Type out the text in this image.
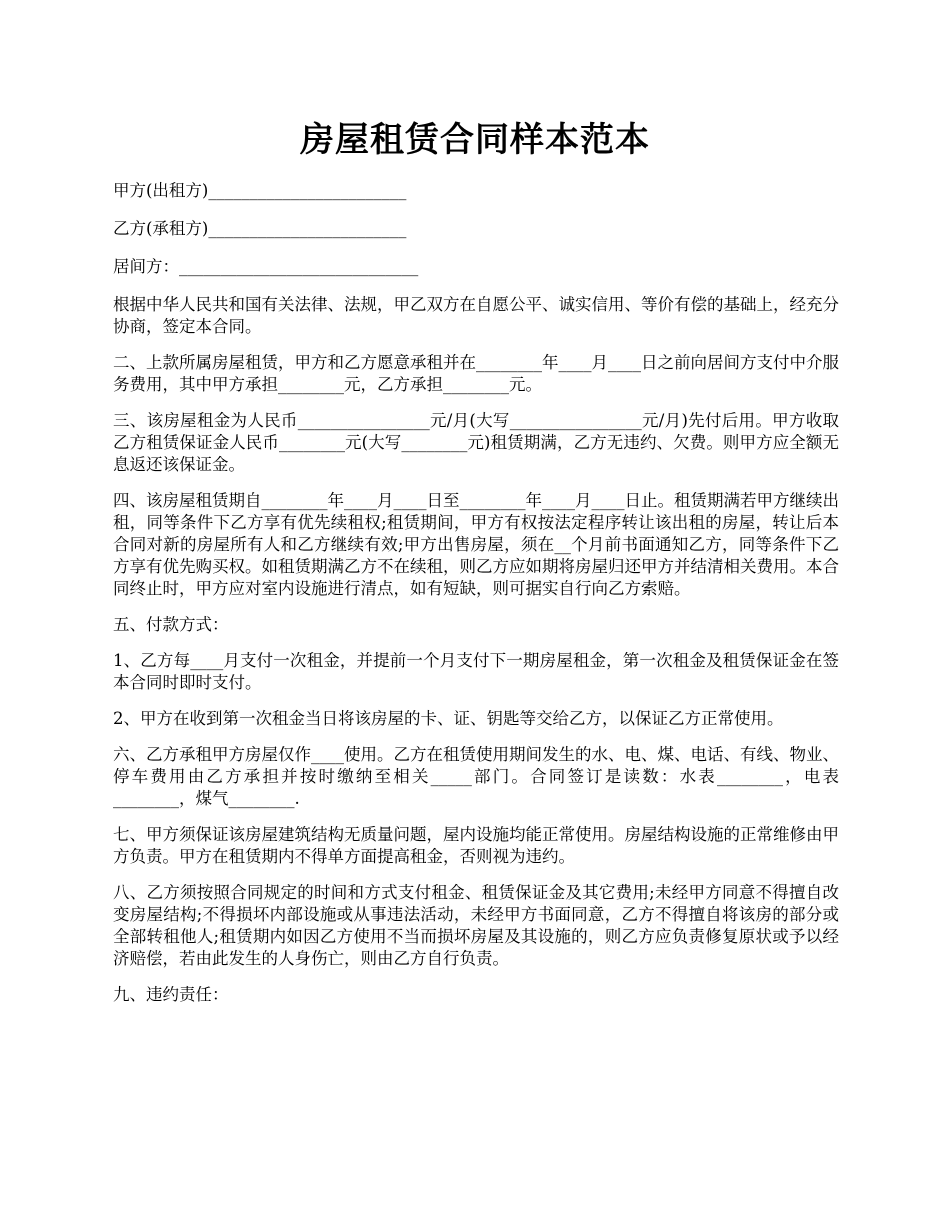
房屋租赁合同样本范本

甲方(出租方)________________________

乙方(承租方)________________________

居间方：_____________________________

根据中华人民共和国有关法律、法规，甲乙双方在自愿公平、诚实信用、等价有偿的基础上，经充分协商，签定本合同。

二、上款所属房屋租赁，甲方和乙方愿意承租并在________年____月____日之前向居间方支付中介服务费用，其中甲方承担________元，乙方承担________元。

三、该房屋租金为人民币________________元/月(大写________________元/月)先付后用。甲方收取乙方租赁保证金人民币________元(大写________元)租赁期满，乙方无违约、欠费。则甲方应全额无息返还该保证金。

四、该房屋租赁期自________年____月____日至________年____月____日止。租赁期满若甲方继续出租，同等条件下乙方享有优先续租权;租赁期间，甲方有权按法定程序转让该出租的房屋，转让后本合同对新的房屋所有人和乙方继续有效;甲方出售房屋，须在__个月前书面通知乙方，同等条件下乙方享有优先购买权。如租赁期满乙方不在续租，则乙方应如期将房屋归还甲方并结清相关费用。本合同终止时，甲方应对室内设施进行清点，如有短缺，则可据实自行向乙方索赔。

五、付款方式：

1、乙方每____月支付一次租金，并提前一个月支付下一期房屋租金，第一次租金及租赁保证金在签本合同时即时支付。

2、甲方在收到第一次租金当日将该房屋的卡、证、钥匙等交给乙方，以保证乙方正常使用。

六、乙方承租甲方房屋仅作____使用。乙方在租赁使用期间发生的水、电、煤、电话、有线、物业、停车费用由乙方承担并按时缴纳至相关_____部门。合同签订是读数：水表________，电表________，煤气________.

七、甲方须保证该房屋建筑结构无质量问题，屋内设施均能正常使用。房屋结构设施的正常维修由甲方负责。甲方在租赁期内不得单方面提高租金，否则视为违约。

八、乙方须按照合同规定的时间和方式支付租金、租赁保证金及其它费用;未经甲方同意不得擅自改变房屋结构;不得损坏内部设施或从事违法活动，未经甲方书面同意，乙方不得擅自将该房的部分或全部转租他人;租赁期内如因乙方使用不当而损坏房屋及其设施的，则乙方应负责修复原状或予以经济赔偿，若由此发生的人身伤亡，则由乙方自行负责。

九、违约责任：
